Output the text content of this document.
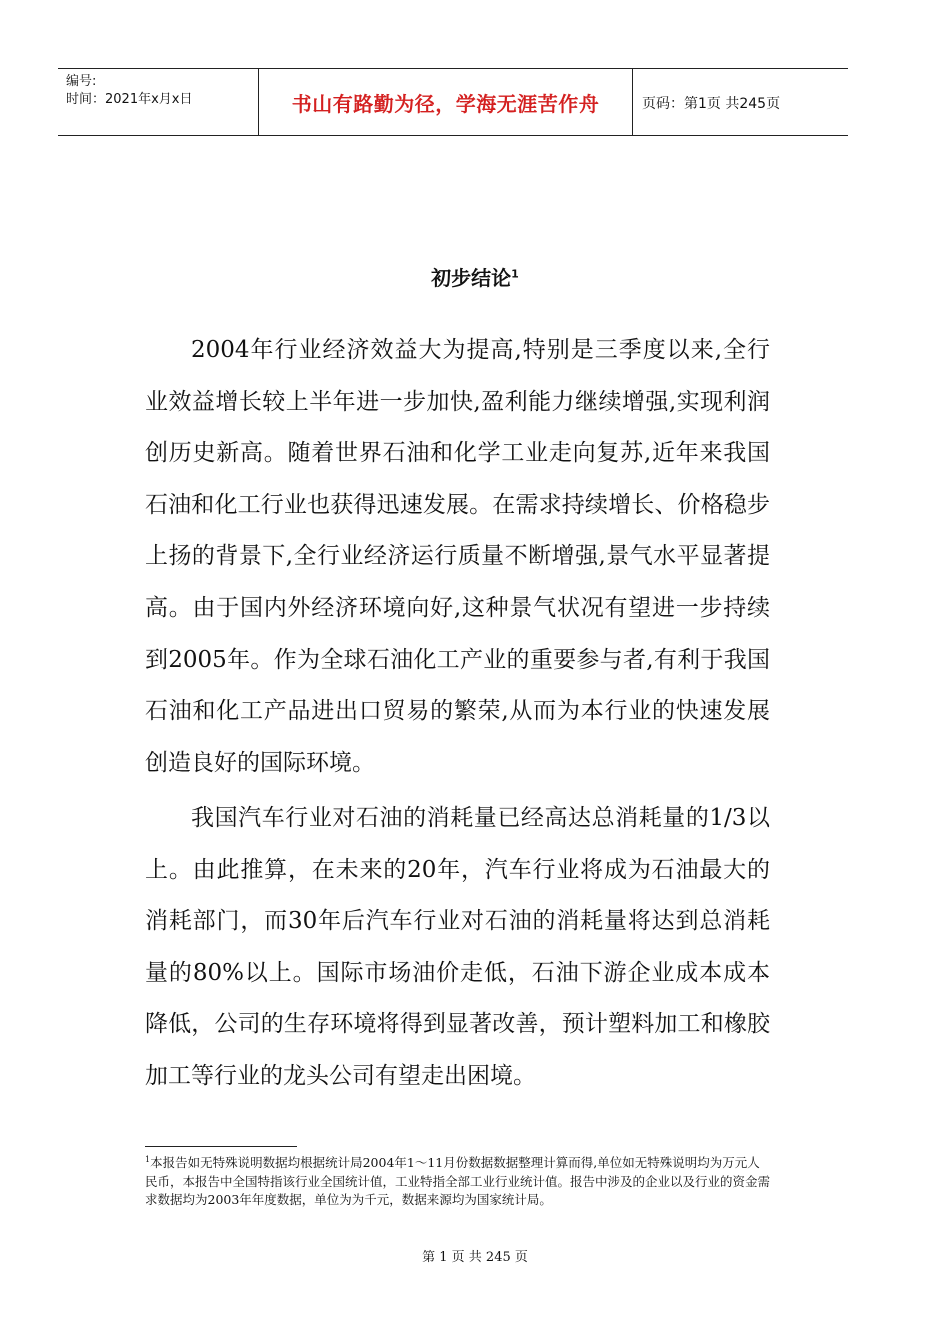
编号:
时间：2021年x月x日	书山有路勤为径，学海无涯苦作舟	页码：第1页 共245页
初步结论$^1$

2004年行业经济效益大为提高,特别是三季度以来,全行业效益增长较上半年进一步加快,盈利能力继续增强,实现利润创历史新高。随着世界石油和化学工业走向复苏,近年来我国石油和化工行业也获得迅速发展。在需求持续增长、价格稳步上扬的背景下,全行业经济运行质量不断增强,景气水平显著提高。由于国内外经济环境向好,这种景气状况有望进一步持续到2005年。作为全球石油化工产业的重要参与者,有利于我国石油和化工产品进出口贸易的繁荣,从而为本行业的快速发展创造良好的国际环境。

我国汽车行业对石油的消耗量已经高达总消耗量的1/3以上。由此推算，在未来的20年，汽车行业将成为石油最大的消耗部门，而30年后汽车行业对石油的消耗量将达到总消耗量的80%以上。国际市场油价走低，石油下游企业成本成本降低，公司的生存环境将得到显著改善，预计塑料加工和橡胶加工等行业的龙头公司有望走出困境。

$^1$本报告如无特殊说明数据均根据统计局2004年1～11月份数据数据整理计算而得,单位如无特殊说明均为万元人民币，本报告中全国特指该行业全国统计值，工业特指全部工业行业统计值。报告中涉及的企业以及行业的资金需求数据均为2003年年度数据，单位为为千元，数据来源均为国家统计局。

第 1 页 共 245 页
